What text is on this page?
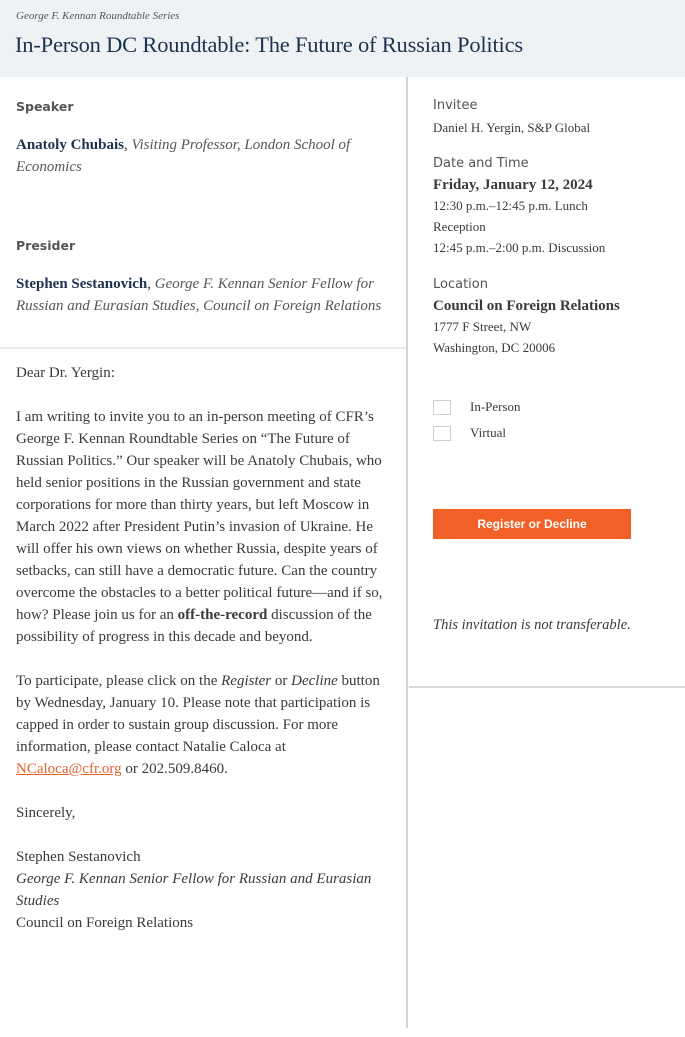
George F. Kennan Roundtable Series
In-Person DC Roundtable: The Future of Russian Politics
Speaker
Anatoly Chubais, Visiting Professor, London School of Economics
Presider
Stephen Sestanovich, George F. Kennan Senior Fellow for Russian and Eurasian Studies, Council on Foreign Relations

Dear Dr. Yergin:

I am writing to invite you to an in-person meeting of CFR’s George F. Kennan Roundtable Series on “The Future of Russian Politics.” Our speaker will be Anatoly Chubais, who held senior positions in the Russian government and state corporations for more than thirty years, but left Moscow in March 2022 after President Putin’s invasion of Ukraine. He will offer his own views on whether Russia, despite years of setbacks, can still have a democratic future. Can the country overcome the obstacles to a better political future—and if so, how? Please join us for an off-the-record discussion of the possibility of progress in this decade and beyond.

To participate, please click on the Register or Decline button by Wednesday, January 10. Please note that participation is capped in order to sustain group discussion. For more information, please contact Natalie Caloca at NCaloca@cfr.org or 202.509.8460.

Sincerely,

Stephen Sestanovich
George F. Kennan Senior Fellow for Russian and Eurasian Studies
Council on Foreign Relations
Invitee
Daniel H. Yergin, S&P Global
Date and Time
Friday, January 12, 2024
12:30 p.m.–12:45 p.m. Lunch Reception
12:45 p.m.–2:00 p.m. Discussion
Location
Council on Foreign Relations
1777 F Street, NW
Washington, DC 20006
In-Person
Virtual
Register or Decline
This invitation is not transferable.
